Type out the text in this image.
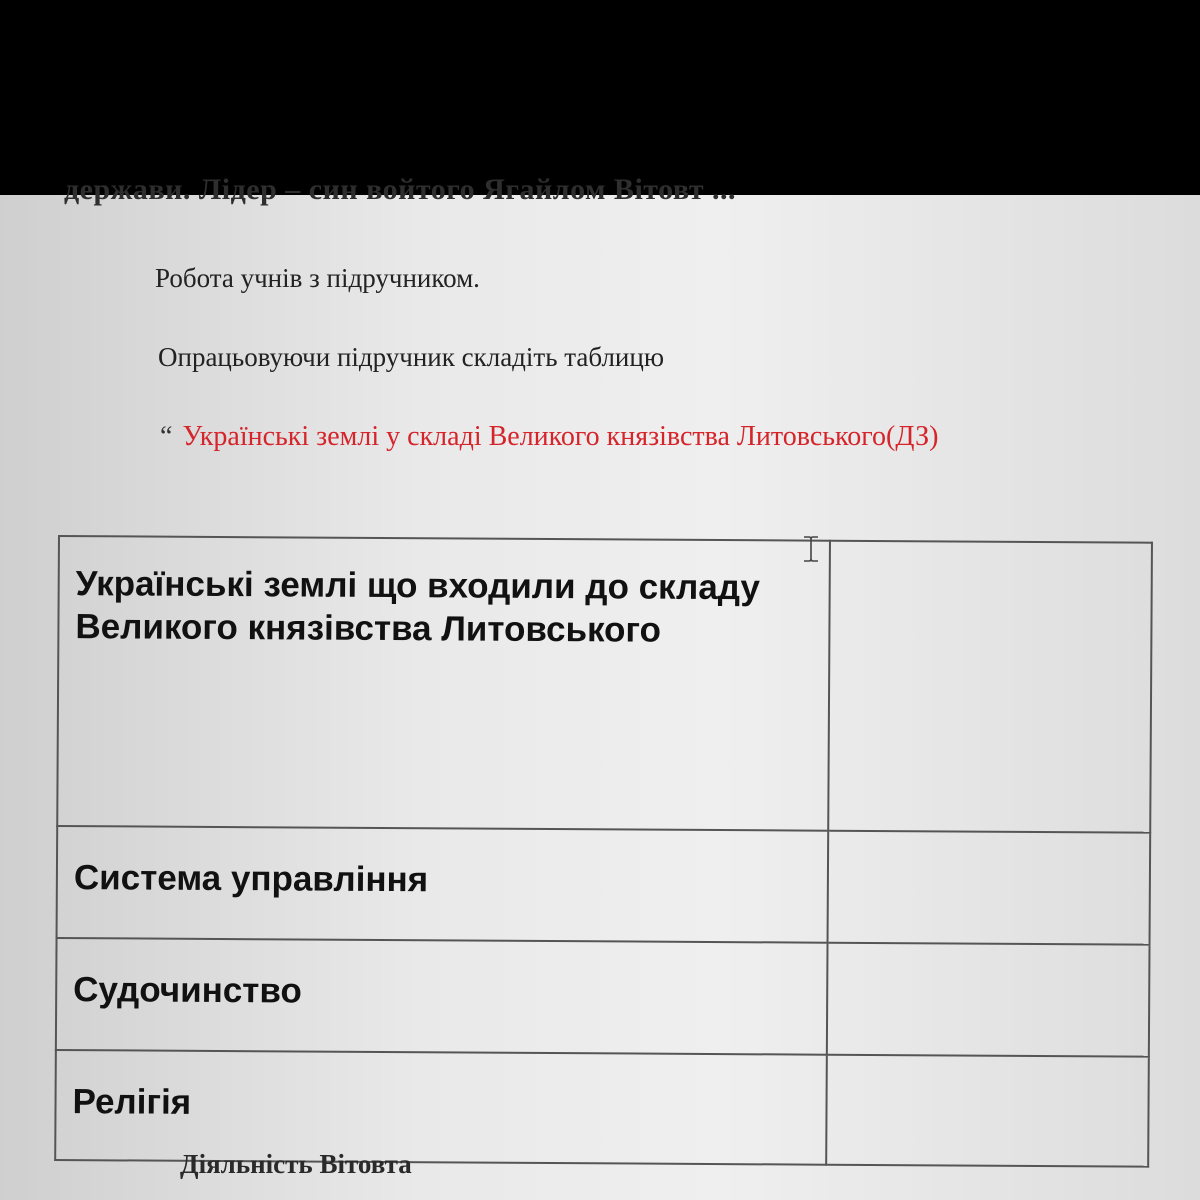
держави. Лідер – син войтого Ягайлом Вітовт ...

Робота учнів з підручником.

Опрацьовуючи підручник складіть таблицю

“ Українські землі у складі Великого князівства Литовського(ДЗ)

Українські землі що входили до складу Великого князівства Литовського	
Система управління	
Судочинство	
Релігія	

Діяльність Вітовта
